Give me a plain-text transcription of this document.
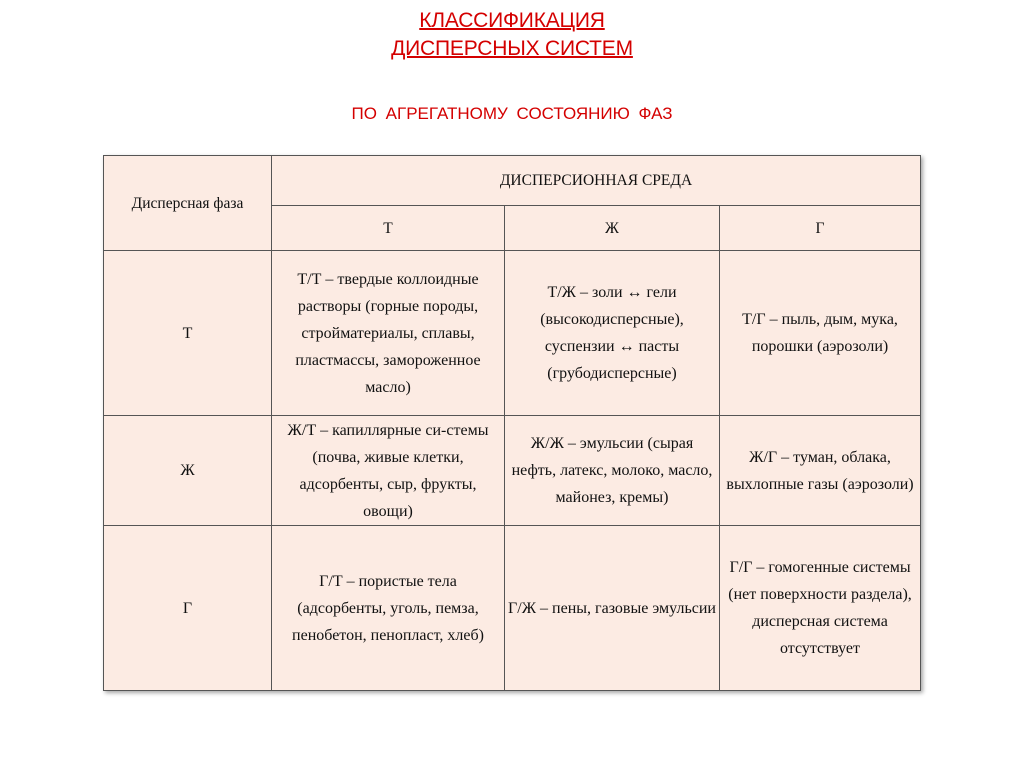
КЛАССИФИКАЦИЯ
ДИСПЕРСНЫХ СИСТЕМ
ПО АГРЕГАТНОМУ СОСТОЯНИЮ ФАЗ
Дисперсная фаза	ДИСПЕРСИОННАЯ СРЕДА		
	Т	Ж	Г
Т	Т/Т – твердые коллоидные растворы (горные породы, стройматериалы, сплавы, пластмассы, замороженное масло)	Т/Ж – золи ↔ гели (высокодисперсные), суспензии ↔ пасты (грубодисперсные)	Т/Г – пыль, дым, мука, порошки (аэрозоли)
Ж	Ж/Т – капиллярные си-стемы (почва, живые клетки, адсорбенты, сыр, фрукты, овощи)	Ж/Ж – эмульсии (сырая нефть, латекс, молоко, масло, майонез, кремы)	Ж/Г – туман, облака, выхлопные газы (аэрозоли)
Г	Г/Т – пористые тела (адсорбенты, уголь, пемза, пенобетон, пенопласт, хлеб)	Г/Ж – пены, газовые эмульсии	Г/Г – гомогенные системы (нет поверхности раздела), дисперсная система отсутствует
